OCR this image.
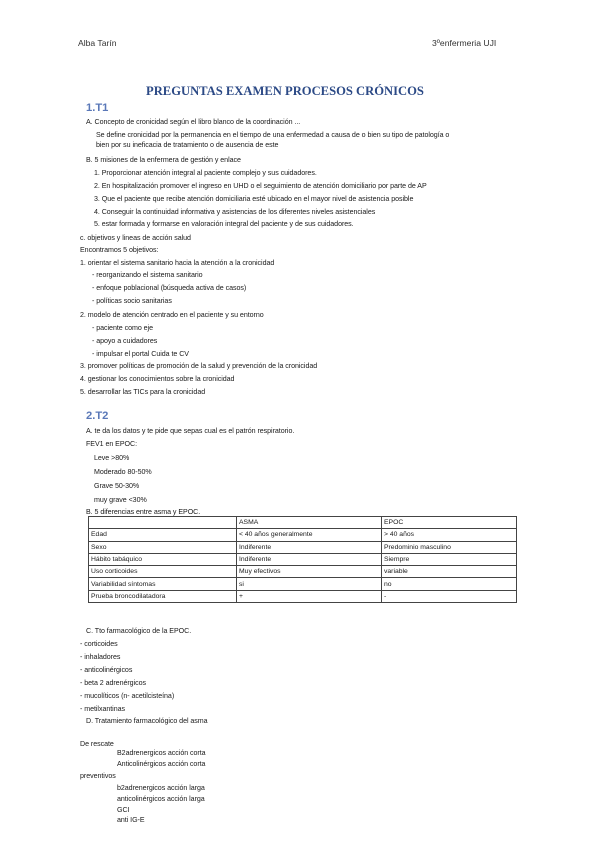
Alba Tarín	3ºenfermeria UJI
PREGUNTAS EXAMEN PROCESOS CRÓNICOS
1.T1
A. Concepto de cronicidad según el libro blanco de la coordinación ...
Se define cronicidad por la permanencia en el tiempo de una enfermedad a causa de o bien su tipo de patología o
bien por su ineficacia de tratamiento o de ausencia de este
B. 5 misiones de la enfermera de gestión y enlace
1. Proporcionar atención integral al paciente complejo y sus cuidadores.
2. En hospitalización promover el ingreso en UHD o el seguimiento de atención domiciliario por parte de AP
3. Que el paciente que recibe atención domiciliaria esté ubicado en el mayor nivel de asistencia posible
4. Conseguir la continuidad informativa y asistencias de los diferentes niveles asistenciales
5. estar formada y formarse en valoración integral del paciente y de sus cuidadores.
c. objetivos y lineas de acción salud
Encontramos 5 objetivos:
1. orientar el sistema sanitario hacia la atención a la cronicidad
- reorganizando el sistema sanitario
- enfoque poblacional (búsqueda activa de casos)
- políticas socio sanitarias
2. modelo de atención centrado en el paciente y su entorno
- paciente como eje
- apoyo a cuidadores
- impulsar el portal Cuida te CV
3. promover políticas de promoción de la salud y prevención de la cronicidad
4. gestionar los conocimientos sobre la cronicidad
5. desarrollar las TICs para la cronicidad
2.T2
A. te da los datos y te pide que sepas cual es el patrón respiratorio.
FEV1 en EPOC:
Leve >80%
Moderado 80-50%
Grave 50-30%
muy grave <30%
B. 5 diferencias entre asma y EPOC.
	ASMA	EPOC
Edad	< 40 años generalmente	> 40 años
Sexo	Indiferente	Predominio masculino
Hábito tabáquico	Indiferente	Siempre
Uso corticoides	Muy efectivos	variable
Variabilidad síntomas	si	no
Prueba broncodilatadora	+	-
C. Tto farmacológico de la EPOC.
- corticoides
- inhaladores
- anticolinérgicos
- beta 2 adrenérgicos
- mucolíticos (n- acetilcisteína)
- metilxantinas
D. Tratamiento farmacológico del asma
De rescate
B2adrenergicos acción corta
Anticolinérgicos acción corta
preventivos
b2adrenergicos acción larga
anticolinérgicos acción larga
GCI
anti IG-E
